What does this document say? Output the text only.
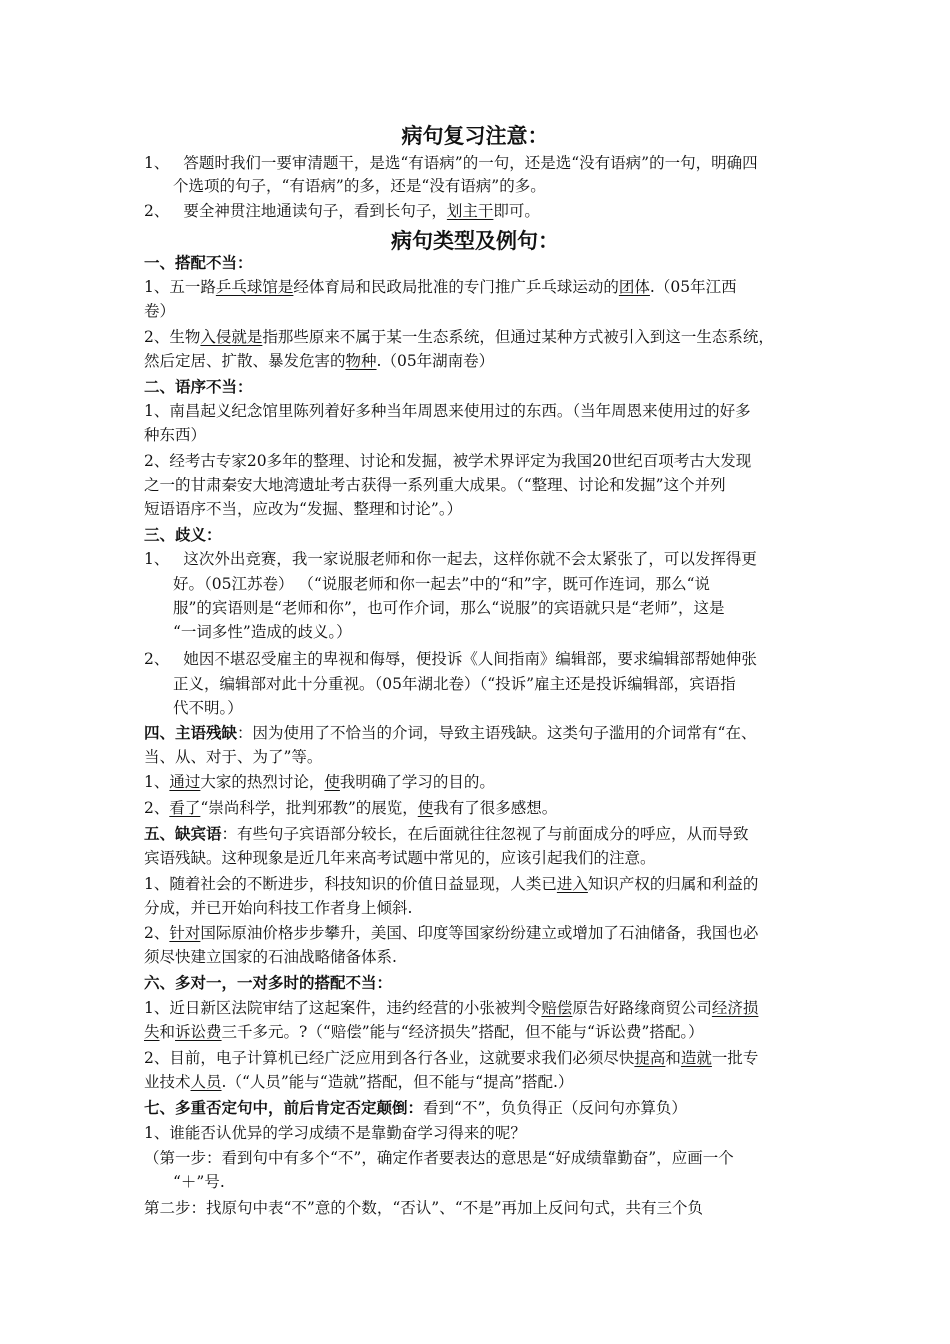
病句复习注意：
1、 答题时我们一要审清题干，是选“有语病”的一句，还是选“没有语病”的一句，明确四
个选项的句子，“有语病”的多，还是“没有语病”的多。
2、 要全神贯注地通读句子，看到长句子，划主干即可。
病句类型及例句：
一、搭配不当：
1、五一路乒乓球馆是经体育局和民政局批准的专门推广乒乓球运动的团体.（05年江西
卷）
2、生物入侵就是指那些原来不属于某一生态系统，但通过某种方式被引入到这一生态系统，
然后定居、扩散、暴发危害的物种.（05年湖南卷）
二、语序不当：
1、南昌起义纪念馆里陈列着好多种当年周恩来使用过的东西。（当年周恩来使用过的好多
种东西）
2、经考古专家20多年的整理、讨论和发掘，被学术界评定为我国20世纪百项考古大发现
之一的甘肃秦安大地湾遗址考古获得一系列重大成果。（“整理、讨论和发掘”这个并列
短语语序不当，应改为“发掘、整理和讨论”。）
三、歧义：
1、 这次外出竞赛，我一家说服老师和你一起去，这样你就不会太紧张了，可以发挥得更
好。（05江苏卷） （“说服老师和你一起去”中的“和”字，既可作连词，那么“说
服”的宾语则是“老师和你”，也可作介词，那么“说服”的宾语就只是“老师”，这是
“一词多性”造成的歧义。）
2、 她因不堪忍受雇主的卑视和侮辱，便投诉《人间指南》编辑部，要求编辑部帮她伸张
正义，编辑部对此十分重视。（05年湖北卷）（“投诉”雇主还是投诉编辑部，宾语指
代不明。）
四、主语残缺：因为使用了不恰当的介词，导致主语残缺。这类句子滥用的介词常有“在、
当、从、对于、为了”等。
1、通过大家的热烈讨论，使我明确了学习的目的。
2、看了“崇尚科学，批判邪教”的展览，使我有了很多感想。
五、缺宾语：有些句子宾语部分较长，在后面就往往忽视了与前面成分的呼应，从而导致
宾语残缺。这种现象是近几年来高考试题中常见的，应该引起我们的注意。
1、随着社会的不断进步，科技知识的价值日益显现，人类已进入知识产权的归属和利益的
分成，并已开始向科技工作者身上倾斜.
2、针对国际原油价格步步攀升，美国、印度等国家纷纷建立或增加了石油储备，我国也必
须尽快建立国家的石油战略储备体系.
六、多对一，一对多时的搭配不当：
1、近日新区法院审结了这起案件，违约经营的小张被判令赔偿原告好路缘商贸公司经济损
失和诉讼费三千多元。?（“赔偿”能与“经济损失”搭配，但不能与“诉讼费”搭配。）
2、目前，电子计算机已经广泛应用到各行各业，这就要求我们必须尽快提高和造就一批专
业技术人员.（“人员”能与“造就”搭配，但不能与“提高”搭配.）
七、多重否定句中，前后肯定否定颠倒：看到“不”，负负得正（反问句亦算负）
1、谁能否认优异的学习成绩不是靠勤奋学习得来的呢？
（第一步：看到句中有多个“不”，确定作者要表达的意思是“好成绩靠勤奋”，应画一个
“＋”号.
第二步：找原句中表“不”意的个数，“否认”、“不是”再加上反问句式，共有三个负
